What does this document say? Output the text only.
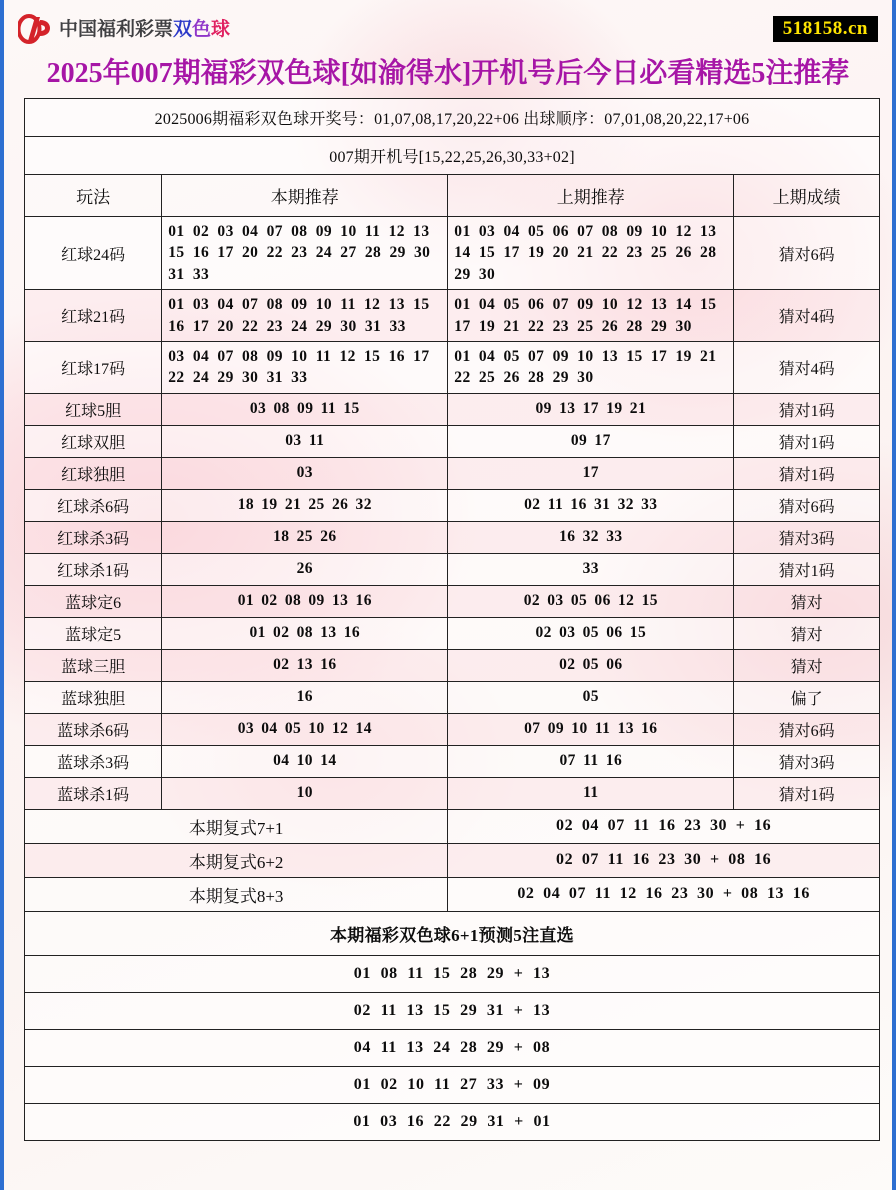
中国福利彩票双色球	518158.cn
2025年007期福彩双色球[如渝得水]开机号后今日必看精选5注推荐
2025006期福彩双色球开奖号：01,07,08,17,20,22+06 出球顺序：07,01,08,20,22,17+06			
007期开机号[15,22,25,26,30,33+02]			
玩法	本期推荐	上期推荐	上期成绩
红球24码	01 02 03 04 07 08 09 10 11 12 13 15 16 17 20 22 23 24 27 28 29 30 31 33	01 03 04 05 06 07 08 09 10 12 13 14 15 17 19 20 21 22 23 25 26 28 29 30	猜对6码
红球21码	01 03 04 07 08 09 10 11 12 13 15 16 17 20 22 23 24 29 30 31 33	01 04 05 06 07 09 10 12 13 14 15 17 19 21 22 23 25 26 28 29 30	猜对4码
红球17码	03 04 07 08 09 10 11 12 15 16 17 22 24 29 30 31 33	01 04 05 07 09 10 13 15 17 19 21 22 25 26 28 29 30	猜对4码
红球5胆	03 08 09 11 15	09 13 17 19 21	猜对1码
红球双胆	03 11	09 17	猜对1码
红球独胆	03	17	猜对1码
红球杀6码	18 19 21 25 26 32	02 11 16 31 32 33	猜对6码
红球杀3码	18 25 26	16 32 33	猜对3码
红球杀1码	26	33	猜对1码
蓝球定6	01 02 08 09 13 16	02 03 05 06 12 15	猜对
蓝球定5	01 02 08 13 16	02 03 05 06 15	猜对
蓝球三胆	02 13 16	02 05 06	猜对
蓝球独胆	16	05	偏了
蓝球杀6码	03 04 05 10 12 14	07 09 10 11 13 16	猜对6码
蓝球杀3码	04 10 14	07 11 16	猜对3码
蓝球杀1码	10	11	猜对1码
本期复式7+1		02 04 07 11 16 23 30 + 16	
本期复式6+2		02 07 11 16 23 30 + 08 16	
本期复式8+3		02 04 07 11 12 16 23 30 + 08 13 16	
本期福彩双色球6+1预测5注直选			
01 08 11 15 28 29 + 13			
02 11 13 15 29 31 + 13			
04 11 13 24 28 29 + 08			
01 02 10 11 27 33 + 09			
01 03 16 22 29 31 + 01			
